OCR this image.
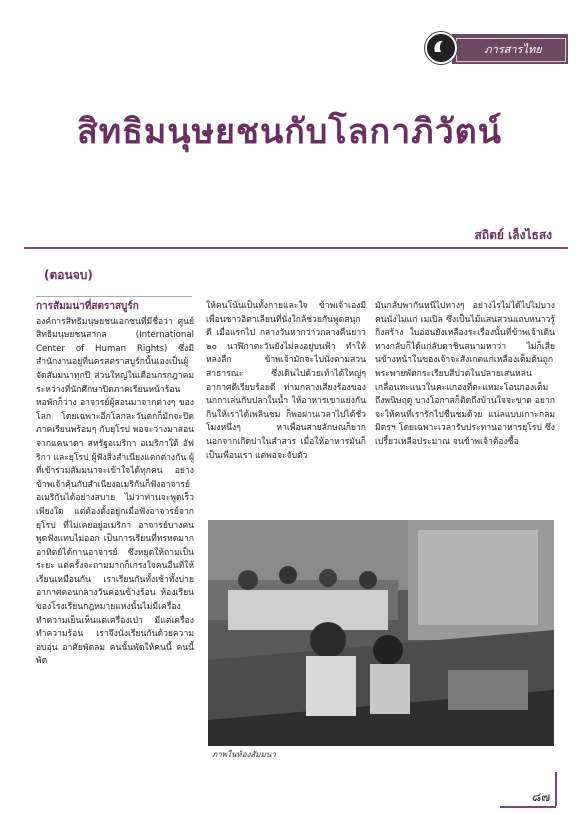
ภารสารไทย
สิทธิมนุษยชนกับโลกาภิวัตน์
สถิตย์ เล็งไธสง
(ตอนจบ)
การสัมมนาที่สตราสบูร์ก

องค์การสิทธิมนุษยชนเอกชนที่มีชื่อว่า ศูนย์สิทธิมนุษยชนสากล (International Center of Human Rights) ซึ่งมีสำนักงานอยู่ที่นครสตราสบูร์กนั้นเองเป็นผู้จัดสัมมนาทุกปี ส่วนใหญ่ในเดือนกรกฎาคม ระหว่างที่นักศึกษาปิดภาคเรียนหน้าร้อน หอพักก็ว่าง อาจารย์ผู้สอนมาจากต่างๆ ของโลก โดยเฉพาะอีกโลกละวันตกก็มักจะปิดภาคเรียนพร้อมๆ กับยุโรป พอจะว่างมาสอน จากแคนาดา สหรัฐอเมริกา อเมริกาใต้ อัฟริกา และยุโรป ผู้ฟังสิ่งสำเนียงแตกต่างกัน ผู้ที่เข้าร่วมสัมมนาจะเข้าใจได้ทุกคน อย่างข้าพเจ้าคุ้นกับสำเนียงอเมริกันก็ฟังอาจารย์อเมริกันได้อย่างสบาย ไม่ว่าท่านจะพูดเร็วเพียงใด แต่ต้องตั้งอยู่กเมื่อฟังอาจารย์จากยุโรป ที่ไม่เคยอยู่อเมริกา อาจารย์บางคนพูดฟังแทบไม่ออก เป็นการเรียนที่ทรหดมาก อาทิตย์ได้กานอาจารย์ ซึ่งหยุดให้ถามเป็นระยะ แต่ครั้งจะถามมากก็เกรงใจคนอื่นที่ให้เรียนเหมือนกัน เราเรียนกันทั้งเช้าทั้งบ่าย อากาศตอนกลางวันค่อนข้างร้อน ห้องเรียนของโรงเรียนกฎหมายแห่งนั้นไม่มีเครื่องทำความเย็นเห็นแต่เครื่องเป่า มีแต่เครื่องทำความร้อน เราจึงนั่งเรียนกันด้วยความอบอุ่น อาศัยพัดลม คนนั้นพัดให้คนนี้ คนนี้พัด

ให้คนโน้นเป็นทั้งกายและใจ ข้าพเจ้าเองมีเพื่อนชาวอิตาเลียนที่นั่งใกล้ช่วยกันพูดสนุกดี เมื่อแรกไป กลางวันหากว่าวกลางคืนยาว ๒๐ นาฬิกาตะวันยังไม่ลงอยู่บนฟ้า ทำให้หลงลืก ข้าพเจ้ามักจะไปนั่งตามสวนสาธารณะ ซึ่งเดินไปด้วยเท้าได้ใหญ่ๆ อากาศดีเรียบร้อยดี ท่ามกลางเสียงร้องของนกกาเล่นกับปลาในน้ำ ให้อาหารเขาแย่งกันกินให้เราได้เพลินชม ก็พอผ่านเวลาไปได้ชั่วโมงหนึ่งๆ หาเพื่อนสายลักษณก็ยาก นอกจากเกิดปาในสำสาร เมื่อให้อาหารมันก็เป็นเพื่อนเรา แต่พอจะจับตัว

มันกลับพากันหนีไปทางๆ อย่างไรไม่ได้ไปไม่บางคนนั่งไม่แก่ เมเปิล ซึ่งเป็นไม้แสนสวนแถบหนาวรู้กิ่งสร้าง ใบอ่อนยังเหลืองระเรื่องนั้นที่ข้าพเจ้าเดินทางกลับก็ได้แก่ลับตาชินสนามหาว่า ไม่ก็เสียนข้างหน้าในของเจ้าจะสังเกตแก่เหลืองเต็มต้นถูกพระพายพัดกระเรียบสีปวดในปลายเสนหล่นเกลื่อนทะแนวในคะแกองที่ตะแหมะโอนกองเต็มถึงพนิษฤดู บางโอกาสก็ติดถึงบ้านใจจะขาด อยากจะให้คนที่เรารักไปชื่นชมด้วย แน่ลแบบเกาะกลมมิตรฯ โดยเฉพาะเวลารับประทานอาหารยุโรป ซึ่งเปรี้ยวเหลือประมาณ จนข้าพเจ้าต้องซื้อ

ภาพในห้องสัมมนา
๘๗
